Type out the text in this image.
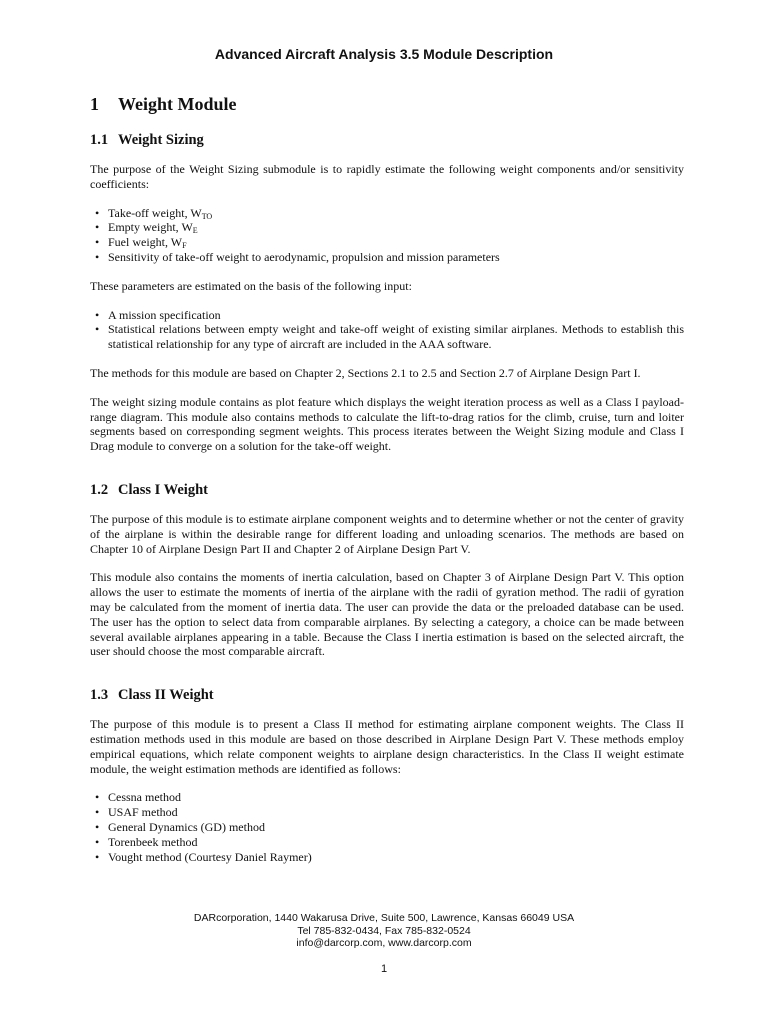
Advanced Aircraft Analysis 3.5 Module Description
1 Weight Module
1.1 Weight Sizing

The purpose of the Weight Sizing submodule is to rapidly estimate the following weight components and/or sensitivity coefficients:

• Take-off weight, $W_{TO}$
• Empty weight, $W_E$
• Fuel weight, $W_F$
• Sensitivity of take-off weight to aerodynamic, propulsion and mission parameters

These parameters are estimated on the basis of the following input:

• A mission specification
• Statistical relations between empty weight and take-off weight of existing similar airplanes. Methods to establish this statistical relationship for any type of aircraft are included in the AAA software.

The methods for this module are based on Chapter 2, Sections 2.1 to 2.5 and Section 2.7 of Airplane Design Part I.

The weight sizing module contains as plot feature which displays the weight iteration process as well as a Class I payload-range diagram. This module also contains methods to calculate the lift-to-drag ratios for the climb, cruise, turn and loiter segments based on corresponding segment weights. This process iterates between the Weight Sizing module and Class I Drag module to converge on a solution for the take-off weight.

1.2 Class I Weight

The purpose of this module is to estimate airplane component weights and to determine whether or not the center of gravity of the airplane is within the desirable range for different loading and unloading scenarios. The methods are based on Chapter 10 of Airplane Design Part II and Chapter 2 of Airplane Design Part V.

This module also contains the moments of inertia calculation, based on Chapter 3 of Airplane Design Part V. This option allows the user to estimate the moments of inertia of the airplane with the radii of gyration method. The radii of gyration may be calculated from the moment of inertia data. The user can provide the data or the preloaded database can be used. The user has the option to select data from comparable airplanes. By selecting a category, a choice can be made between several available airplanes appearing in a table. Because the Class I inertia estimation is based on the selected aircraft, the user should choose the most comparable aircraft.

1.3 Class II Weight

The purpose of this module is to present a Class II method for estimating airplane component weights. The Class II estimation methods used in this module are based on those described in Airplane Design Part V. These methods employ empirical equations, which relate component weights to airplane design characteristics. In the Class II weight estimate module, the weight estimation methods are identified as follows:

• Cessna method
• USAF method
• General Dynamics (GD) method
• Torenbeek method
• Vought method (Courtesy Daniel Raymer)
DARcorporation, 1440 Wakarusa Drive, Suite 500, Lawrence, Kansas 66049 USA
Tel 785-832-0434, Fax 785-832-0524
info@darcorp.com, www.darcorp.com
1
